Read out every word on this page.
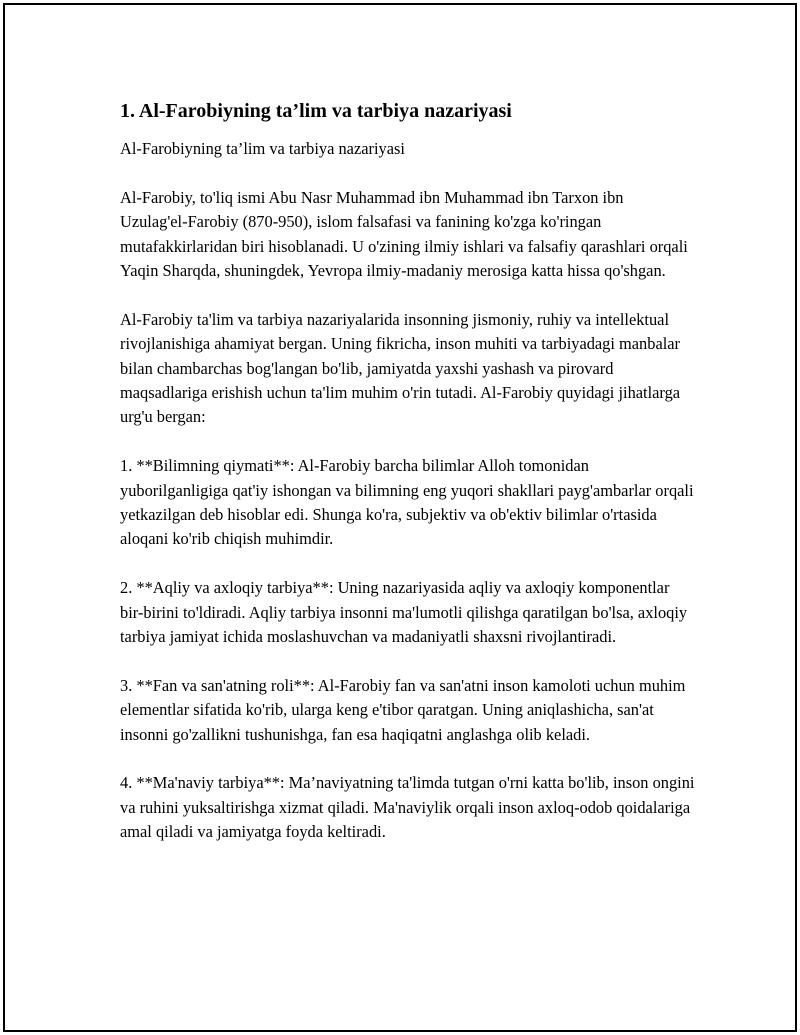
1. Al-Farobiyning ta’lim va tarbiya nazariyasi

Al-Farobiyning ta’lim va tarbiya nazariyasi

Al-Farobiy, to'liq ismi Abu Nasr Muhammad ibn Muhammad ibn Tarxon ibn Uzulag'el-Farobiy (870-950), islom falsafasi va fanining ko'zga ko'ringan mutafakkirlaridan biri hisoblanadi. U o'zining ilmiy ishlari va falsafiy qarashlari orqali Yaqin Sharqda, shuningdek, Yevropa ilmiy-madaniy merosiga katta hissa qo'shgan.

Al-Farobiy ta'lim va tarbiya nazariyalarida insonning jismoniy, ruhiy va intellektual rivojlanishiga ahamiyat bergan. Uning fikricha, inson muhiti va tarbiyadagi manbalar bilan chambarchas bog'langan bo'lib, jamiyatda yaxshi yashash va pirovard maqsadlariga erishish uchun ta'lim muhim o'rin tutadi. Al-Farobiy quyidagi jihatlarga urg'u bergan:

1. **Bilimning qiymati**: Al-Farobiy barcha bilimlar Alloh tomonidan yuborilganligiga qat'iy ishongan va bilimning eng yuqori shakllari payg'ambarlar orqali yetkazilgan deb hisoblar edi. Shunga ko'ra, subjektiv va ob'ektiv bilimlar o'rtasida aloqani ko'rib chiqish muhimdir.

2. **Aqliy va axloqiy tarbiya**: Uning nazariyasida aqliy va axloqiy komponentlar bir-birini to'ldiradi. Aqliy tarbiya insonni ma'lumotli qilishga qaratilgan bo'lsa, axloqiy tarbiya jamiyat ichida moslashuvchan va madaniyatli shaxsni rivojlantiradi.

3. **Fan va san'atning roli**: Al-Farobiy fan va san'atni inson kamoloti uchun muhim elementlar sifatida ko'rib, ularga keng e'tibor qaratgan. Uning aniqlashicha, san'at insonni go'zallikni tushunishga, fan esa haqiqatni anglashga olib keladi.

4. **Ma'naviy tarbiya**: Ma’naviyatning ta'limda tutgan o'rni katta bo'lib, inson ongini va ruhini yuksaltirishga xizmat qiladi. Ma'naviylik orqali inson axloq-odob qoidalariga amal qiladi va jamiyatga foyda keltiradi.
